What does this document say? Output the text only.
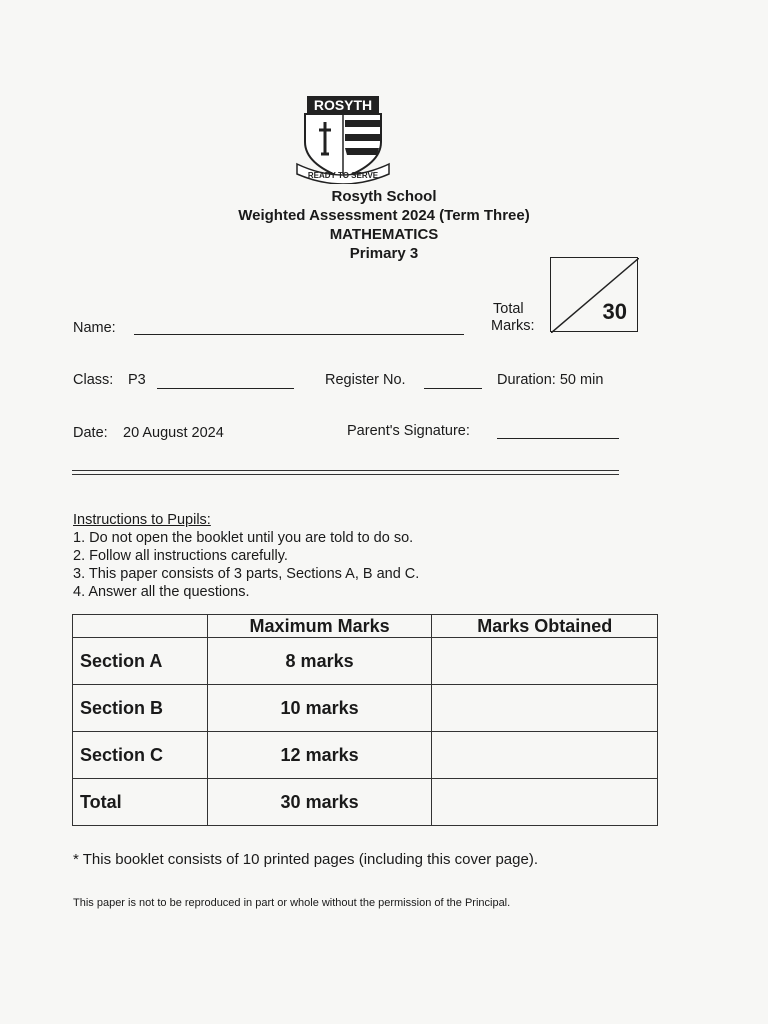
ROSYTH
READY TO SERVE
Rosyth School
Weighted Assessment 2024 (Term Three)
MATHEMATICS
Primary 3
Total
Marks:
30
Name:
Class: P3	Register No.	Duration: 50 min
Date: 20 August 2024	Parent's Signature:
Instructions to Pupils:
1. Do not open the booklet until you are told to do so.
2. Follow all instructions carefully.
3. This paper consists of 3 parts, Sections A, B and C.
4. Answer all the questions.
	Maximum Marks	Marks Obtained
Section A	8 marks	
Section B	10 marks	
Section C	12 marks	
Total	30 marks	
* This booklet consists of 10 printed pages (including this cover page).
This paper is not to be reproduced in part or whole without the permission of the Principal.
